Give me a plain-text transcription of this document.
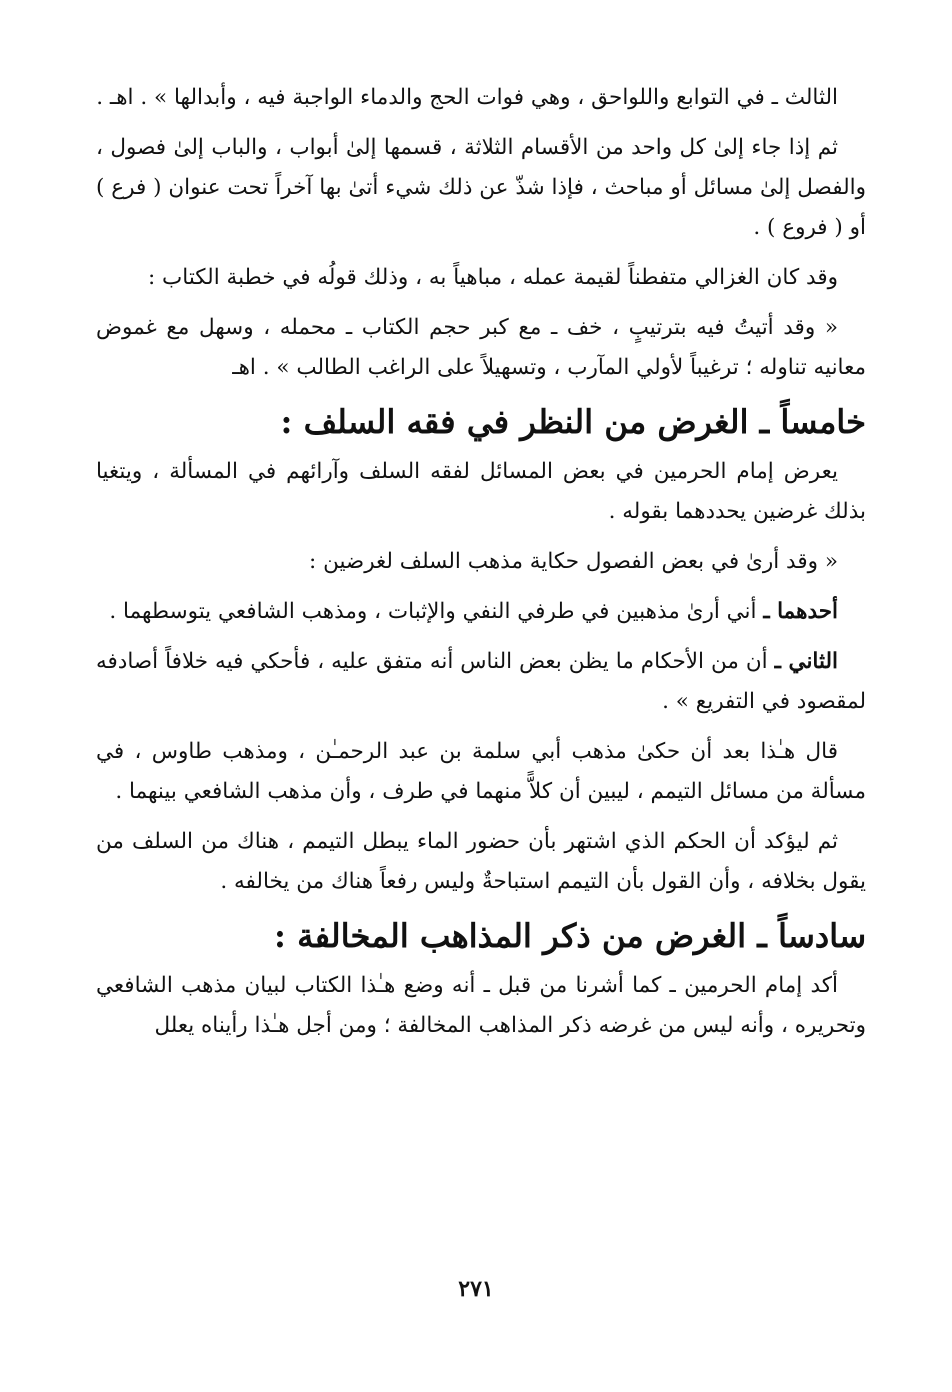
الثالث ـ في التوابع واللواحق ، وهي فوات الحج والدماء الواجبة فيه ، وأبدالها » . اهـ .

ثم إذا جاء إلىٰ كل واحد من الأقسام الثلاثة ، قسمها إلىٰ أبواب ، والباب إلىٰ فصول ، والفصل إلىٰ مسائل أو مباحث ، فإذا شذّ عن ذلك شيء أتىٰ بها آخراً تحت عنوان ( فرع ) أو ( فروع ) .

وقد كان الغزالي متفطناً لقيمة عمله ، مباهياً به ، وذلك قولُه في خطبة الكتاب :

« وقد أتيتُ فيه بترتيبٍ ، خف ـ مع كبر حجم الكتاب ـ محمله ، وسهل مع غموض معانيه تناوله ؛ ترغيباً لأولي المآرب ، وتسهيلاً على الراغب الطالب » . اهـ

خامساً ـ الغرض من النظر في فقه السلف :

يعرض إمام الحرمين في بعض المسائل لفقه السلف وآرائهم في المسألة ، ويتغيا بذلك غرضين يحددهما بقوله .

« وقد أرىٰ في بعض الفصول حكاية مذهب السلف لغرضين :

أحدهما ـ أني أرىٰ مذهبين في طرفي النفي والإثبات ، ومذهب الشافعي يتوسطهما .

الثاني ـ أن من الأحكام ما يظن بعض الناس أنه متفق عليه ، فأحكي فيه خلافاً أصادفه لمقصود في التفريع » .

قال هـٰذا بعد أن حكىٰ مذهب أبي سلمة بن عبد الرحمـٰن ، ومذهب طاوس ، في مسألة من مسائل التيمم ، ليبين أن كلاًّ منهما في طرف ، وأن مذهب الشافعي بينهما .

ثم ليؤكد أن الحكم الذي اشتهر بأن حضور الماء يبطل التيمم ، هناك من السلف من يقول بخلافه ، وأن القول بأن التيمم استباحةٌ وليس رفعاً هناك من يخالفه .

سادساً ـ الغرض من ذكر المذاهب المخالفة :

أكد إمام الحرمين ـ كما أشرنا من قبل ـ أنه وضع هـٰذا الكتاب لبيان مذهب الشافعي وتحريره ، وأنه ليس من غرضه ذكر المذاهب المخالفة ؛ ومن أجل هـٰذا رأيناه يعلل

٢٧١
